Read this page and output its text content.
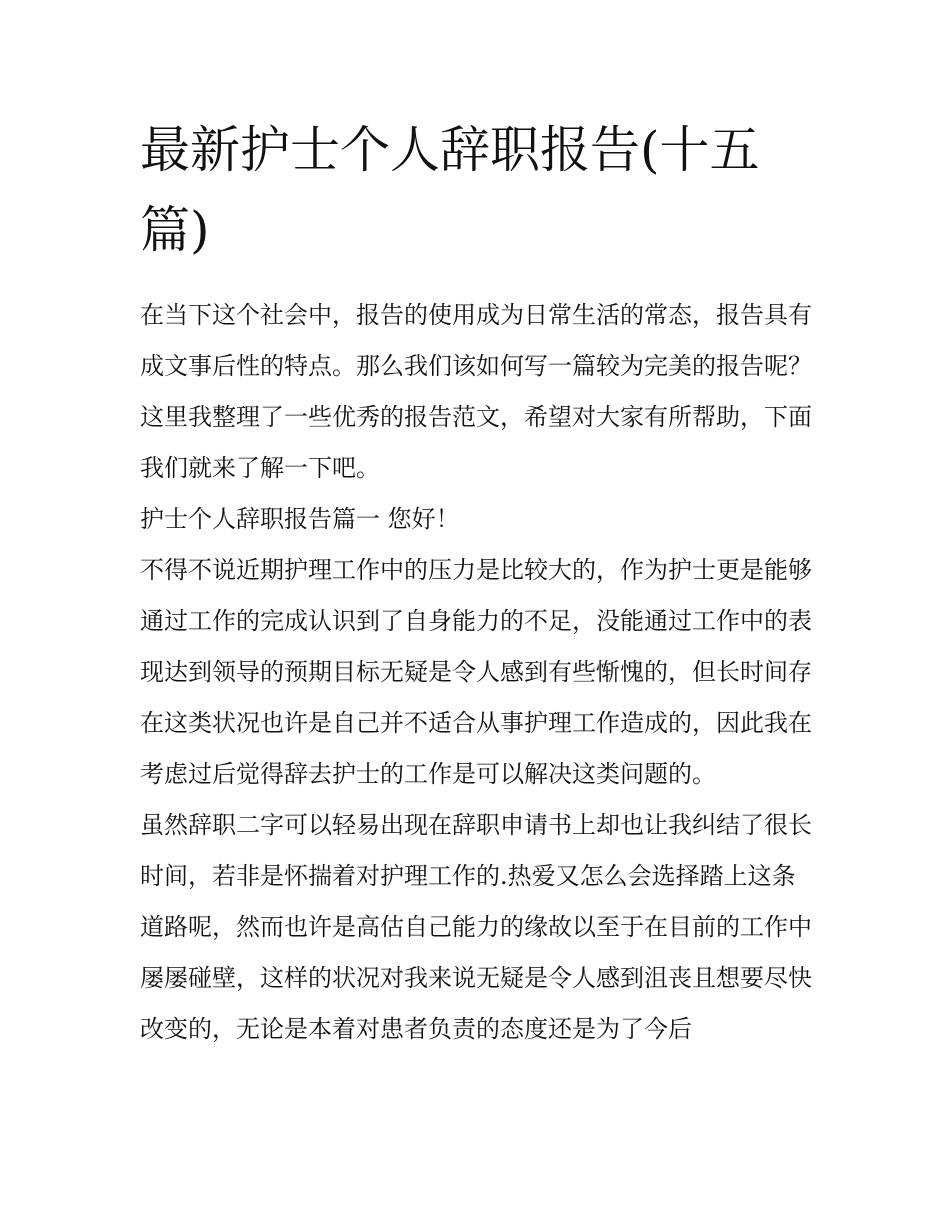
最新护士个人辞职报告(十五篇)

在当下这个社会中，报告的使用成为日常生活的常态，报告具有成文事后性的特点。那么我们该如何写一篇较为完美的报告呢？这里我整理了一些优秀的报告范文，希望对大家有所帮助，下面我们就来了解一下吧。

护士个人辞职报告篇一 您好！

不得不说近期护理工作中的压力是比较大的，作为护士更是能够通过工作的完成认识到了自身能力的不足，没能通过工作中的表现达到领导的预期目标无疑是令人感到有些惭愧的，但长时间存在这类状况也许是自己并不适合从事护理工作造成的，因此我在考虑过后觉得辞去护士的工作是可以解决这类问题的。

虽然辞职二字可以轻易出现在辞职申请书上却也让我纠结了很长时间，若非是怀揣着对护理工作的.热爱又怎么会选择踏上这条道路呢，然而也许是高估自己能力的缘故以至于在目前的工作中屡屡碰壁，这样的状况对我来说无疑是令人感到沮丧且想要尽快改变的，无论是本着对患者负责的态度还是为了今后
